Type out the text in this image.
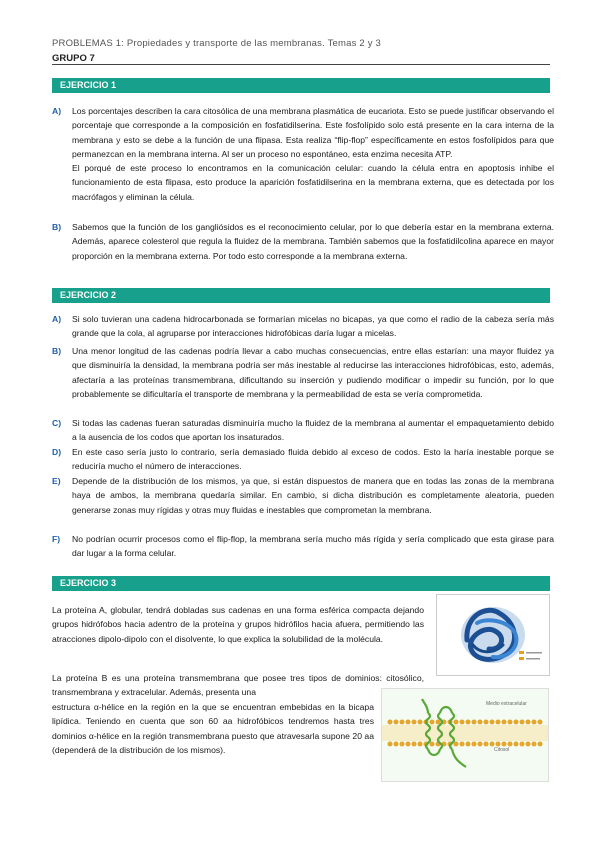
PROBLEMAS 1: Propiedades y transporte de las membranas. Temas 2 y 3
GRUPO 7
EJERCICIO 1
A) Los porcentajes describen la cara citosólica de una membrana plasmática de eucariota. Esto se puede justificar observando el porcentaje que corresponde a la composición en fosfatidilserina. Este fosfolípido solo está presente en la cara interna de la membrana y esto se debe a la función de una flipasa. Esta realiza “flip-flop” específicamente en estos fosfolípidos para que permanezcan en la membrana interna. Al ser un proceso no espontáneo, esta enzima necesita ATP.
El porqué de este proceso lo encontramos en la comunicación celular: cuando la célula entra en apoptosis inhibe el funcionamiento de esta flipasa, esto produce la aparición fosfatidilserina en la membrana externa, que es detectada por los macrófagos y eliminan la célula.
B) Sabemos que la función de los gangliósidos es el reconocimiento celular, por lo que debería estar en la membrana externa. Además, aparece colesterol que regula la fluidez de la membrana. También sabemos que la fosfatidilcolina aparece en mayor proporción en la membrana externa. Por todo esto corresponde a la membrana externa.
EJERCICIO 2
A) Si solo tuvieran una cadena hidrocarbonada se formarían micelas no bicapas, ya que como el radio de la cabeza sería más grande que la cola, al agruparse por interacciones hidrofóbicas daría lugar a micelas.
B) Una menor longitud de las cadenas podría llevar a cabo muchas consecuencias, entre ellas estarían: una mayor fluidez ya que disminuiría la densidad, la membrana podría ser más inestable al reducirse las interacciones hidrofóbicas, esto, además, afectaría a las proteínas transmembrana, dificultando su inserción y pudiendo modificar o impedir su función, por lo que probablemente se dificultaría el transporte de membrana y la permeabilidad de esta se vería comprometida.
C) Si todas las cadenas fueran saturadas disminuiría mucho la fluidez de la membrana al aumentar el empaquetamiento debido a la ausencia de los codos que aportan los insaturados.
D) En este caso sería justo lo contrario, sería demasiado fluida debido al exceso de codos. Esto la haría inestable porque se reduciría mucho el número de interacciones.
E) Depende de la distribución de los mismos, ya que, si están dispuestos de manera que en todas las zonas de la membrana haya de ambos, la membrana quedaría similar. En cambio, si dicha distribución es completamente aleatoria, pueden generarse zonas muy rígidas y otras muy fluidas e inestables que comprometan la membrana.
F) No podrían ocurrir procesos como el flip-flop, la membrana sería mucho más rígida y sería complicado que esta girase para dar lugar a la forma celular.
EJERCICIO 3
La proteína A, globular, tendrá dobladas sus cadenas en una forma esférica compacta dejando grupos hidrófobos hacia adentro de la proteína y grupos hidrófilos hacia afuera, permitiendo las atracciones dipolo-dipolo con el disolvente, lo que explica la solubilidad de la molécula.
La proteína B es una proteína transmembrana que posee tres tipos de dominios: citosólico, transmembrana y extracelular. Además, presenta una
estructura α-hélice en la región en la que se encuentran embebidas en la bicapa lipídica. Teniendo en cuenta que son 60 aa hidrofóbicos tendremos hasta tres dominios α-hélice en la región transmembrana puesto que atravesarla supone 20 aa (dependerá de la distribución de los mismos).
Medio extracelular
Citosol
